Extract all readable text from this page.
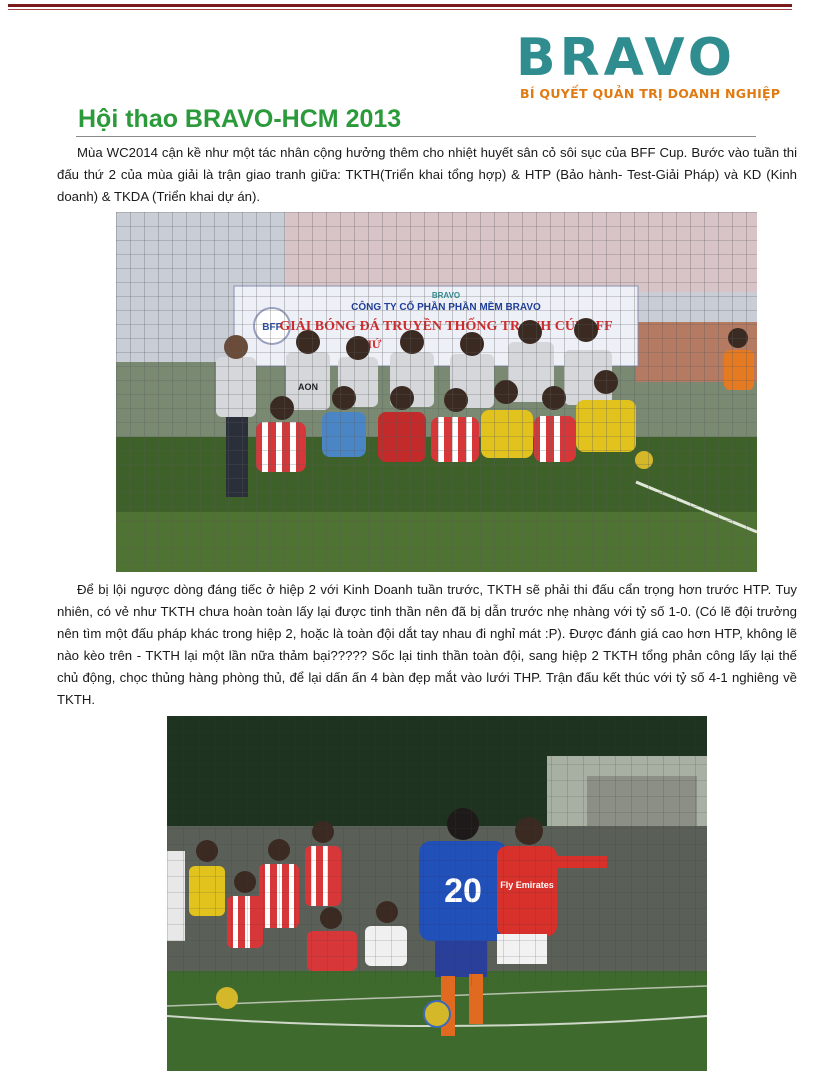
BRAVO
BÍ QUYẾT QUẢN TRỊ DOANH NGHIỆP
Hội thao BRAVO-HCM 2013

Mùa WC2014 cận kề như một tác nhân cộng hưởng thêm cho nhiệt huyết sân cỏ sôi sục của BFF Cup. Bước vào tuần thi đấu thứ 2 của mùa giải là trận giao tranh giữa: TKTH(Triển khai tổng hợp) & HTP (Bảo hành- Test-Giải Pháp) và KD (Kinh doanh) & TKDA (Triển khai dự án).

Để bị lội ngược dòng đáng tiếc ở hiệp 2 với Kinh Doanh tuần trước, TKTH sẽ phải thi đấu cẩn trọng hơn trước HTP. Tuy nhiên, có vẻ như TKTH chưa hoàn toàn lấy lại được tinh thần nên đã bị dẫn trước nhẹ nhàng với tỷ số 1-0. (Có lẽ đội trưởng nên tìm một đấu pháp khác trong hiệp 2, hoặc là toàn đội dắt tay nhau đi nghỉ mát :P). Được đánh giá cao hơn HTP, không lẽ nào kèo trên - TKTH lại một lần nữa thảm bại????? Sốc lại tinh thần toàn đội, sang hiệp 2 TKTH tổng phản công lấy lại thế chủ động, chọc thủng hàng phòng thủ, để lại dấn ấn 4 bàn đẹp mắt vào lưới THP. Trận đấu kết thúc với tỷ số 4-1 nghiêng về TKTH.
